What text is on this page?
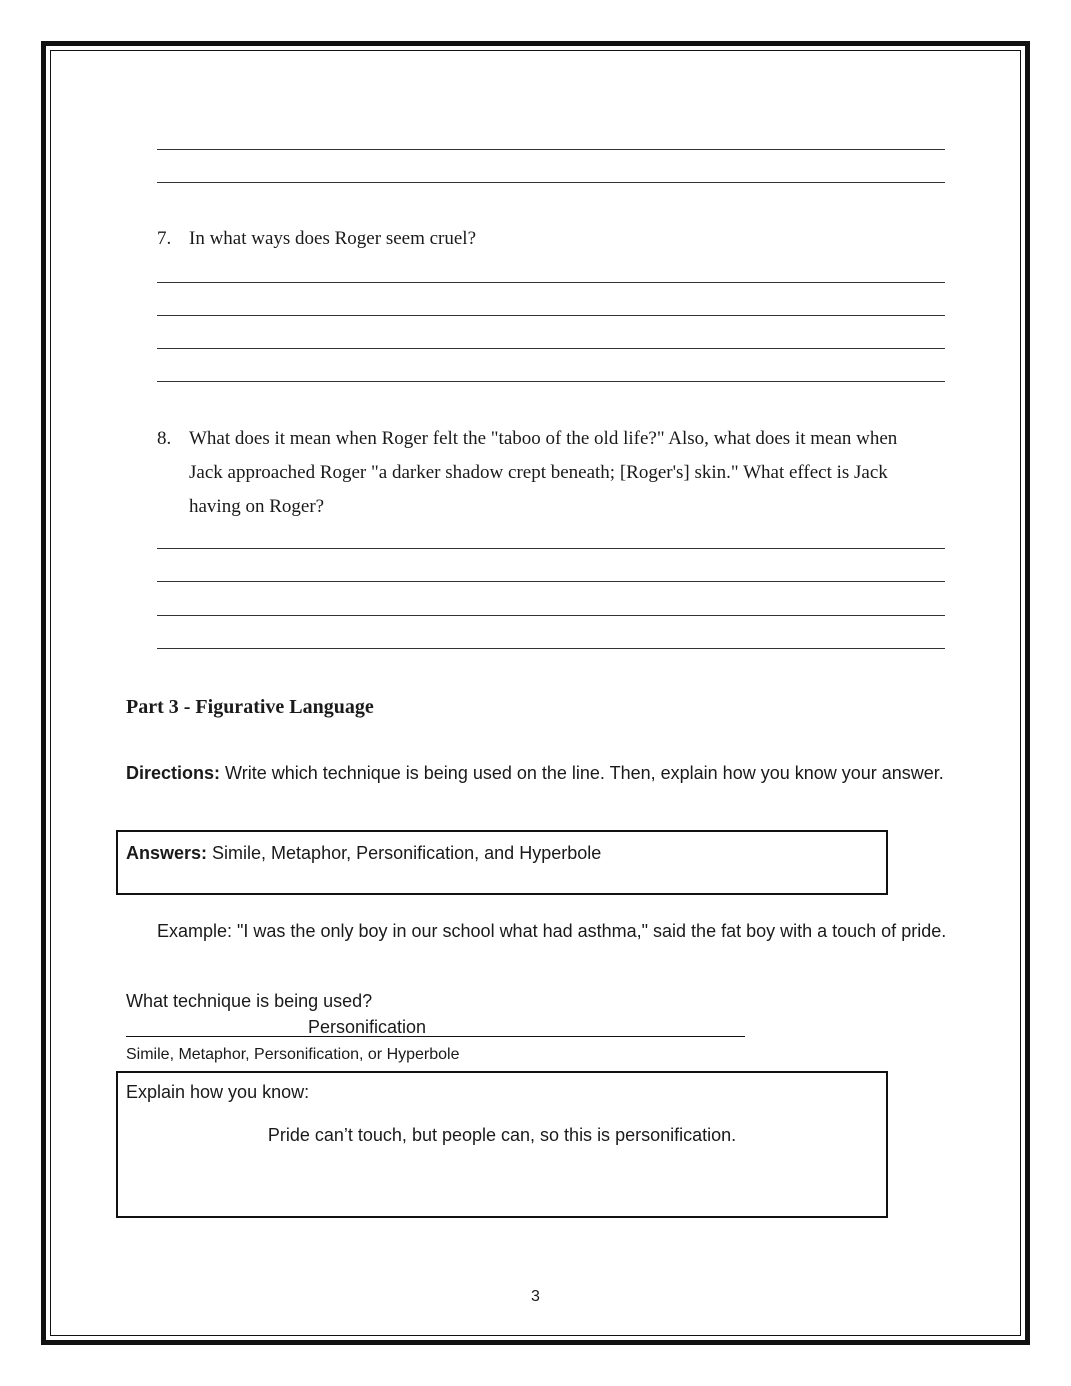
7. In what ways does Roger seem cruel?
8. What does it mean when Roger felt the "taboo of the old life?" Also, what does it mean when Jack approached Roger "a darker shadow crept beneath; [Roger's] skin." What effect is Jack having on Roger?
Part 3 - Figurative Language
Directions: Write which technique is being used on the line. Then, explain how you know your answer.
Answers: Simile, Metaphor, Personification, and Hyperbole
Example: "I was the only boy in our school what had asthma," said the fat boy with a touch of pride.
What technique is being used?
Personification
Simile, Metaphor, Personification, or Hyperbole
Explain how you know:
Pride can’t touch, but people can, so this is personification.
3
